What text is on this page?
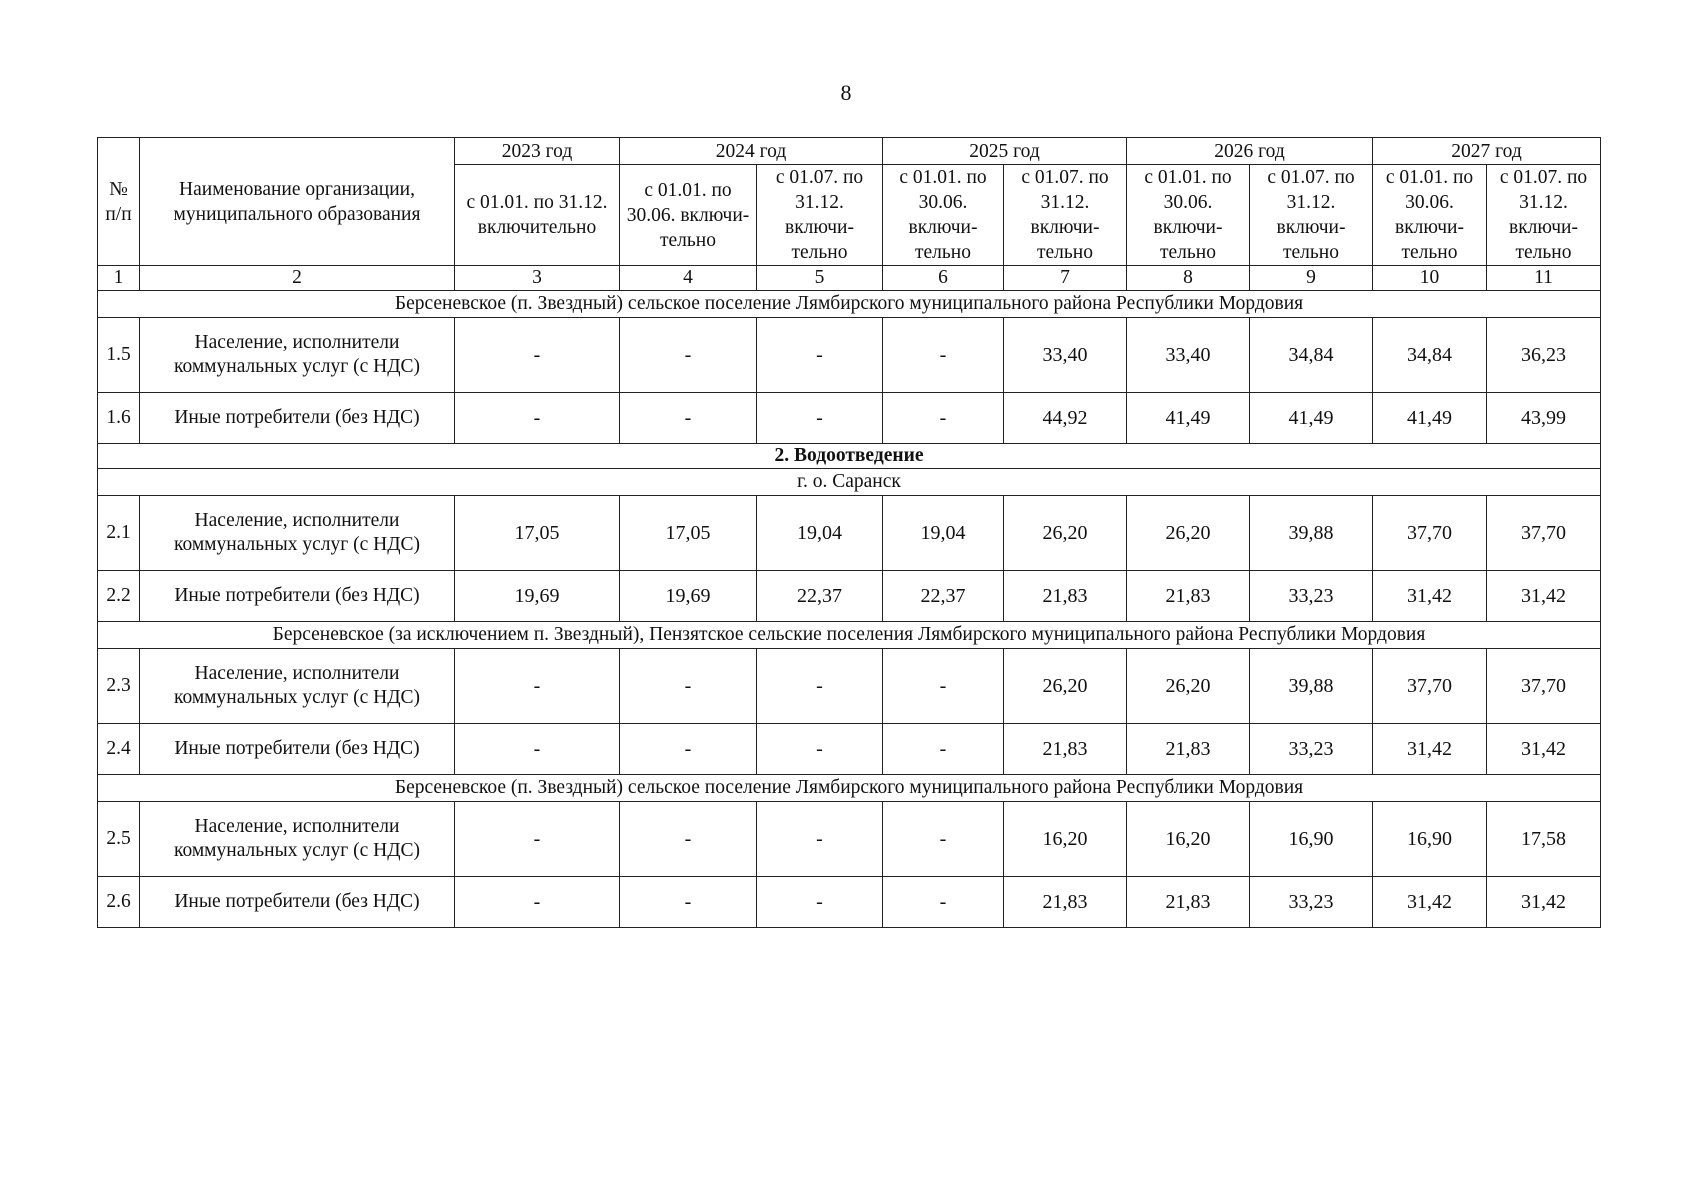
8
№ п/п	Наименование организации, муниципального образования	2023 год	2024 год		2025 год		2026 год		2027 год	
		с 01.01. по 31.12. включительно	с 01.01. по 30.06. включи-тельно	с 01.07. по 31.12. включи-тельно	с 01.01. по 30.06. включи-тельно	с 01.07. по 31.12. включи-тельно	с 01.01. по 30.06. включи-тельно	с 01.07. по 31.12. включи-тельно	с 01.01. по 30.06. включи-тельно	с 01.07. по 31.12. включи-тельно
1	2	3	4	5	6	7	8	9	10	11
Берсеневское (п. Звездный) сельское поселение Лямбирского муниципального района Республики Мордовия										
1.5	Население, исполнители коммунальных услуг (с НДС)	-	-	-	-	33,40	33,40	34,84	34,84	36,23
1.6	Иные потребители (без НДС)	-	-	-	-	44,92	41,49	41,49	41,49	43,99
2. Водоотведение										
г. о. Саранск										
2.1	Население, исполнители коммунальных услуг (с НДС)	17,05	17,05	19,04	19,04	26,20	26,20	39,88	37,70	37,70
2.2	Иные потребители (без НДС)	19,69	19,69	22,37	22,37	21,83	21,83	33,23	31,42	31,42
Берсеневское (за исключением п. Звездный), Пензятское сельские поселения Лямбирского муниципального района Республики Мордовия										
2.3	Население, исполнители коммунальных услуг (с НДС)	-	-	-	-	26,20	26,20	39,88	37,70	37,70
2.4	Иные потребители (без НДС)	-	-	-	-	21,83	21,83	33,23	31,42	31,42
Берсеневское (п. Звездный) сельское поселение Лямбирского муниципального района Республики Мордовия										
2.5	Население, исполнители коммунальных услуг (с НДС)	-	-	-	-	16,20	16,20	16,90	16,90	17,58
2.6	Иные потребители (без НДС)	-	-	-	-	21,83	21,83	33,23	31,42	31,42
